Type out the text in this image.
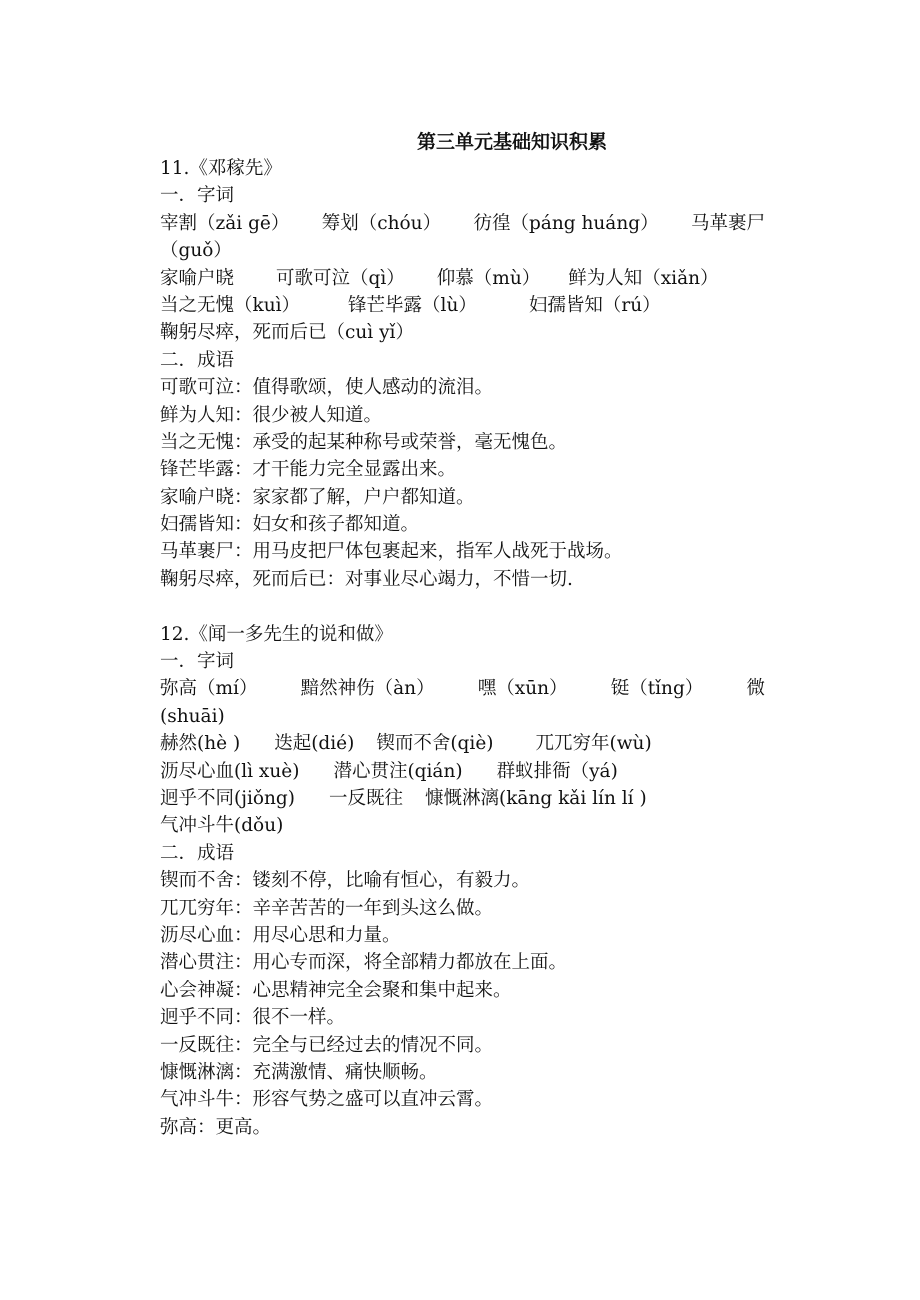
第三单元基础知识积累
11.《邓稼先》
一．字词
宰割（zǎi gē） 筹划（chóu） 彷徨（páng huáng） 马革裹尸
（guǒ）
家喻户晓 可歌可泣（qì） 仰慕（mù） 鲜为人知（xiǎn）
当之无愧（kuì）	锋芒毕露（lù）	妇孺皆知（rú）
鞠躬尽瘁，死而后已（cuì yǐ）
二．成语
可歌可泣：值得歌颂，使人感动的流泪。
鲜为人知：很少被人知道。
当之无愧：承受的起某种称号或荣誉，毫无愧色。
锋芒毕露：才干能力完全显露出来。
家喻户晓：家家都了解，户户都知道。
妇孺皆知：妇女和孩子都知道。
马革裹尸：用马皮把尸体包裹起来，指军人战死于战场。
鞠躬尽瘁，死而后已：对事业尽心竭力，不惜一切.
12.《闻一多先生的说和做》
一．字词
弥高（mí） 黯然神伤（àn） 嘿（xūn） 铤（tǐng） 微
(shuāi)
赫然(hè ) 迭起(dié) 锲而不舍(qiè) 兀兀穷年(wù)
沥尽心血(lì xuè) 潜心贯注(qián) 群蚁排衙（yá)
迥乎不同(jiǒng) 一反既往 慷慨淋漓(kāng kǎi lín lí )
气冲斗牛(dǒu)
二．成语
锲而不舍：镂刻不停，比喻有恒心，有毅力。
兀兀穷年：辛辛苦苦的一年到头这么做。
沥尽心血：用尽心思和力量。
潜心贯注：用心专而深，将全部精力都放在上面。
心会神凝：心思精神完全会聚和集中起来。
迥乎不同：很不一样。
一反既往：完全与已经过去的情况不同。
慷慨淋漓：充满激情、痛快顺畅。
气冲斗牛：形容气势之盛可以直冲云霄。
弥高：更高。
